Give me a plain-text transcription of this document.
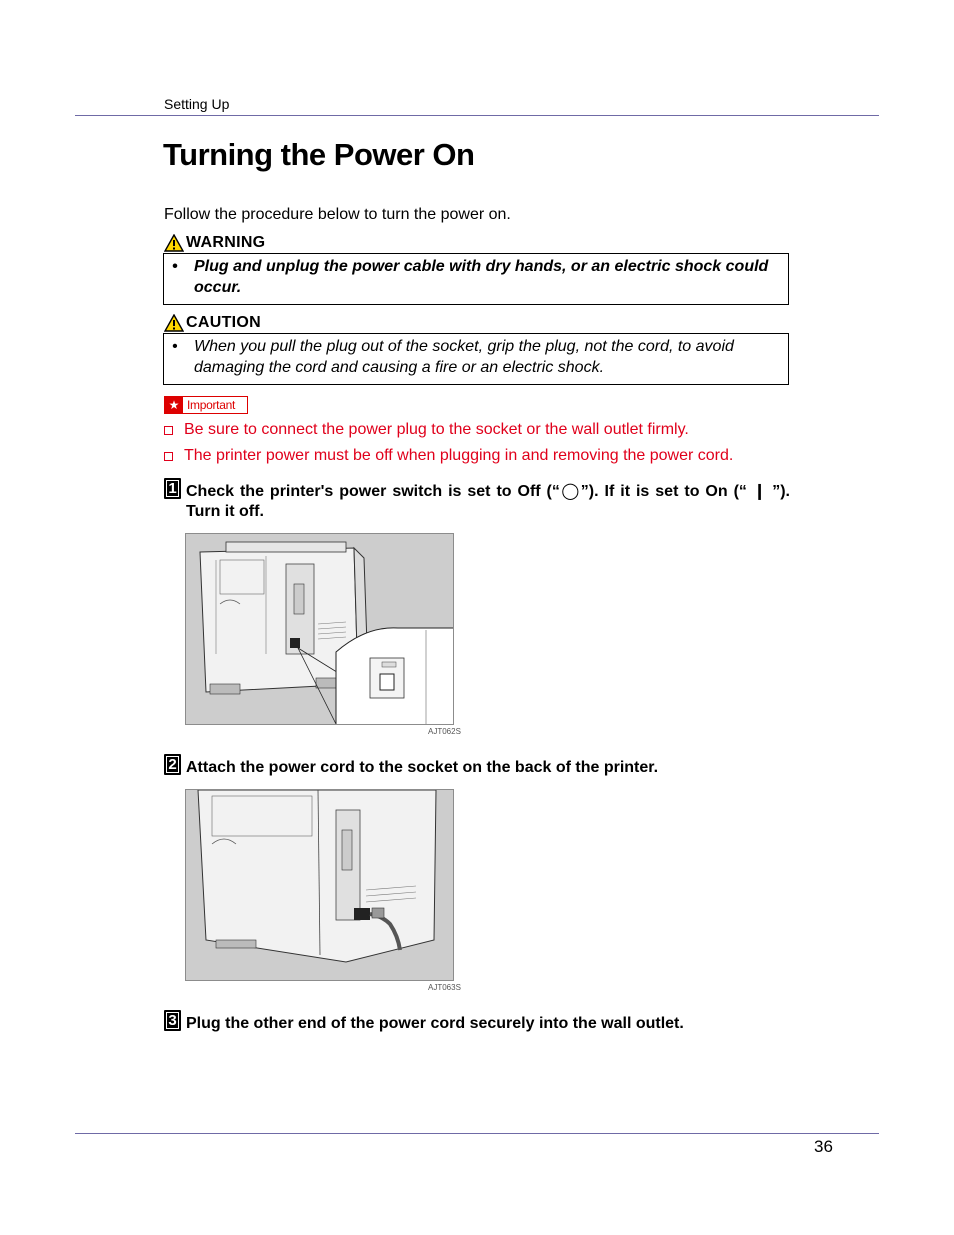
Setting Up
Turning the Power On
Follow the procedure below to turn the power on.
WARNING
• Plug and unplug the power cable with dry hands, or an electric shock could occur.
CAUTION
• When you pull the plug out of the socket, grip the plug, not the cord, to avoid damaging the cord and causing a fire or an electric shock.
★ Important
Be sure to connect the power plug to the socket or the wall outlet firmly.
The printer power must be off when plugging in and removing the power cord.
1 Check the printer's power switch is set to Off (“◯”). If it is set to On (“ ❙ ”). Turn it off.
AJT062S
2 Attach the power cord to the socket on the back of the printer.
AJT063S
3 Plug the other end of the power cord securely into the wall outlet.
36
